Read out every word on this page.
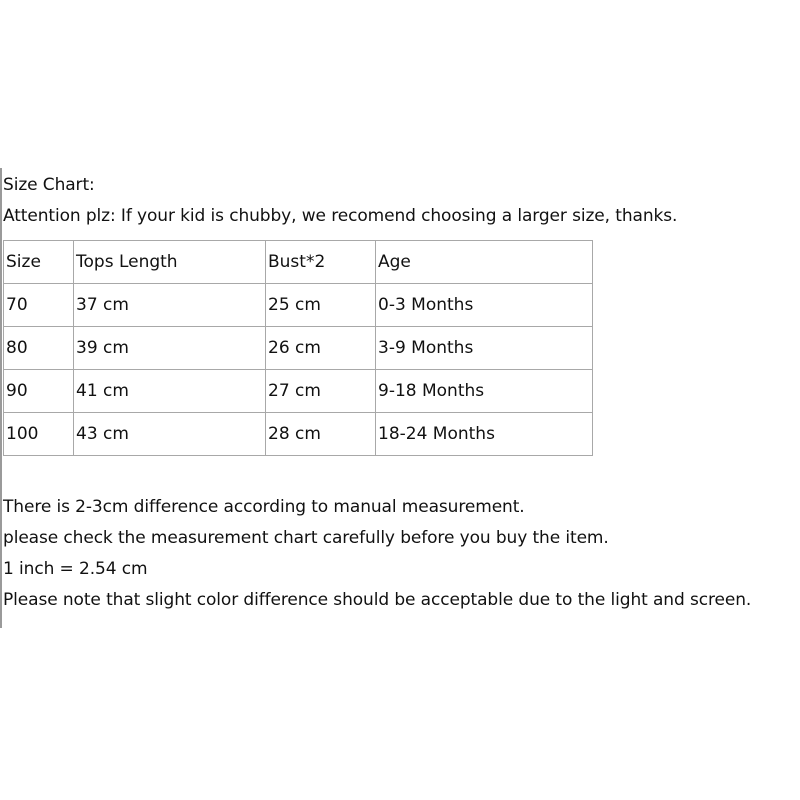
Size Chart:
Attention plz: If your kid is chubby, we recomend choosing a larger size, thanks.
Size	Tops Length	Bust*2	Age
70	37 cm	25 cm	0-3 Months
80	39 cm	26 cm	3-9 Months
90	41 cm	27 cm	9-18 Months
100	43 cm	28 cm	18-24 Months
There is 2-3cm difference according to manual measurement.
please check the measurement chart carefully before you buy the item.
1 inch = 2.54 cm
Please note that slight color difference should be acceptable due to the light and screen.
